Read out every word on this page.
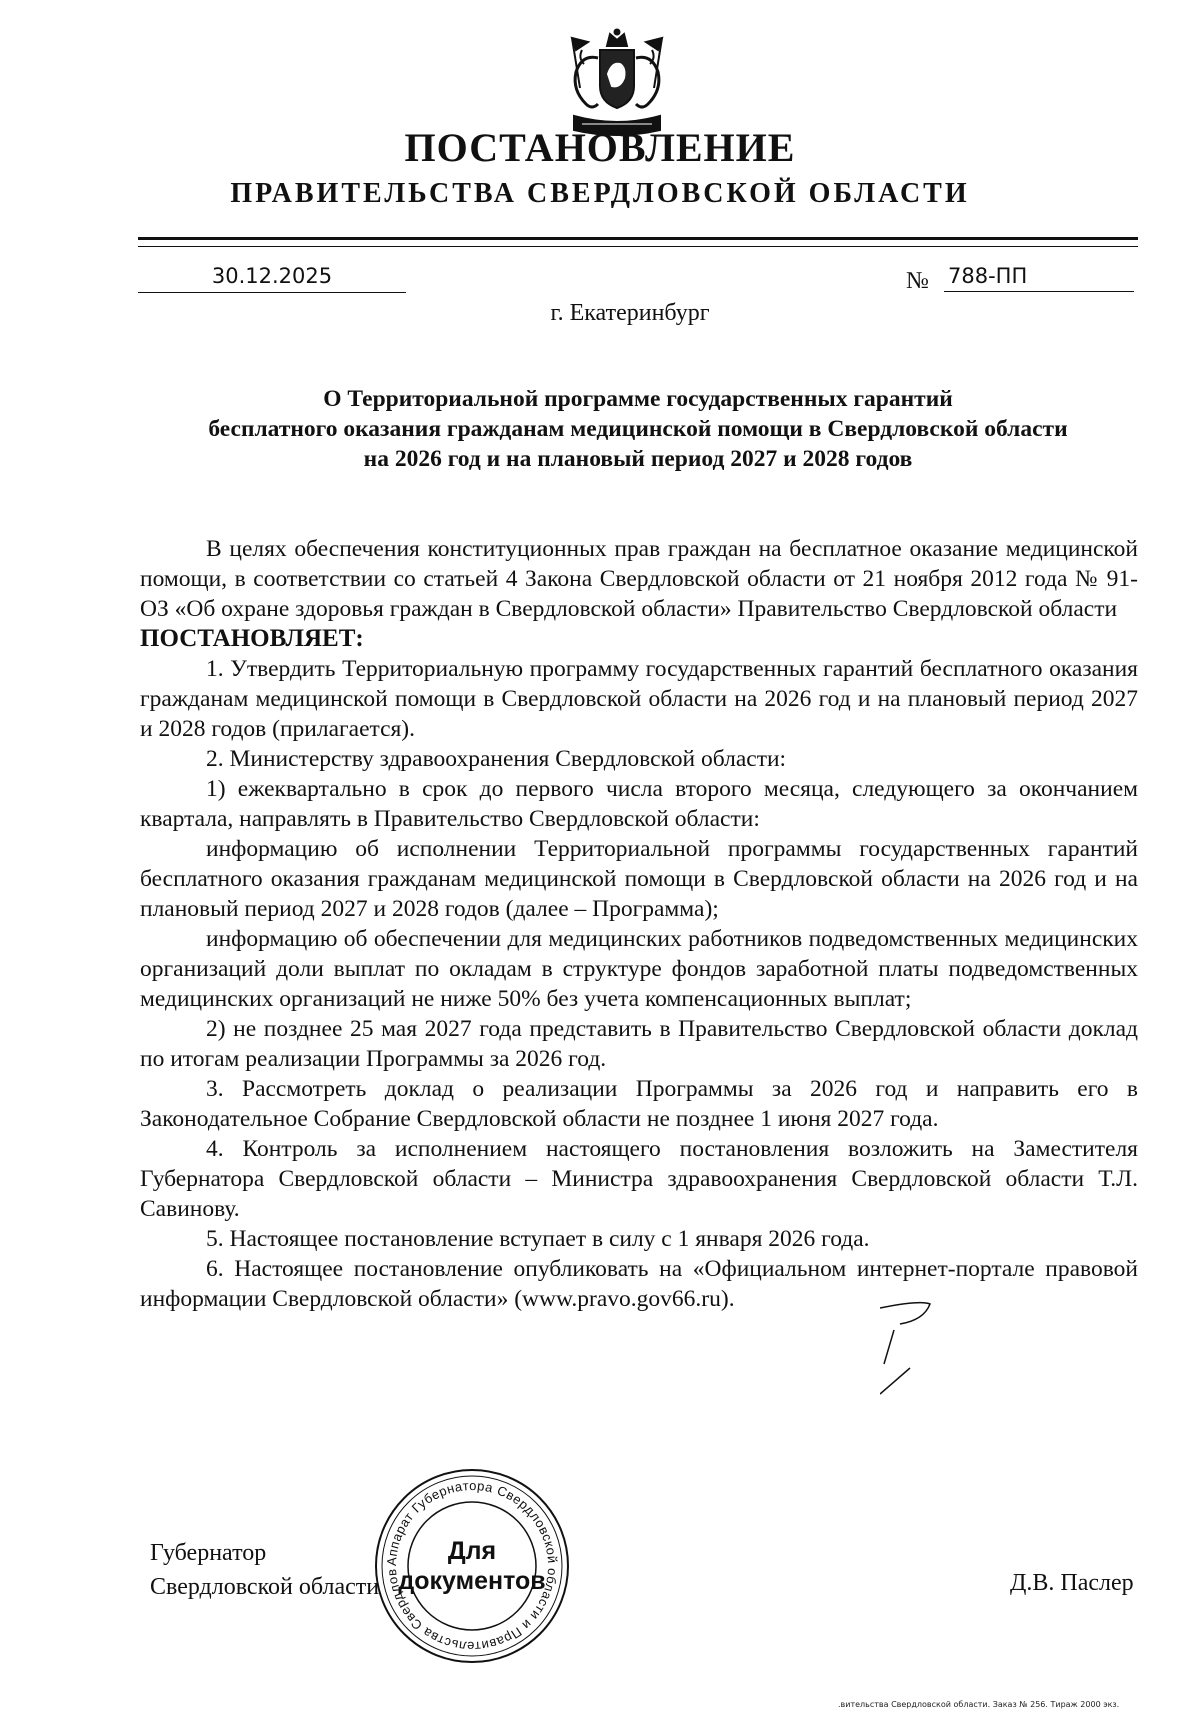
ПОСТАНОВЛЕНИЕ
ПРАВИТЕЛЬСТВА СВЕРДЛОВСКОЙ ОБЛАСТИ
30.12.2025	№ 788-ПП
г. Екатеринбург
О Территориальной программе государственных гарантий
бесплатного оказания гражданам медицинской помощи в Свердловской области
на 2026 год и на плановый период 2027 и 2028 годов

В целях обеспечения конституционных прав граждан на бесплатное оказание медицинской помощи, в соответствии со статьей 4 Закона Свердловской области от 21 ноября 2012 года № 91-ОЗ «Об охране здоровья граждан в Свердловской области» Правительство Свердловской области

ПОСТАНОВЛЯЕТ:

1. Утвердить Территориальную программу государственных гарантий бесплатного оказания гражданам медицинской помощи в Свердловской области на 2026 год и на плановый период 2027 и 2028 годов (прилагается).

2. Министерству здравоохранения Свердловской области:

1) ежеквартально в срок до первого числа второго месяца, следующего за окончанием квартала, направлять в Правительство Свердловской области:

информацию об исполнении Территориальной программы государственных гарантий бесплатного оказания гражданам медицинской помощи в Свердловской области на 2026 год и на плановый период 2027 и 2028 годов (далее – Программа);

информацию об обеспечении для медицинских работников подведомственных медицинских организаций доли выплат по окладам в структуре фондов заработной платы подведомственных медицинских организаций не ниже 50% без учета компенсационных выплат;

2) не позднее 25 мая 2027 года представить в Правительство Свердловской области доклад по итогам реализации Программы за 2026 год.

3. Рассмотреть доклад о реализации Программы за 2026 год и направить его в Законодательное Собрание Свердловской области не позднее 1 июня 2027 года.

4. Контроль за исполнением настоящего постановления возложить на Заместителя Губернатора Свердловской области – Министра здравоохранения Свердловской области Т.Л. Савинову.

5. Настоящее постановление вступает в силу с 1 января 2026 года.

6. Настоящее постановление опубликовать на «Официальном интернет-портале правовой информации Свердловской области» (www.pravo.gov66.ru).

Губернатор
Свердловской области	Д.В. Паслер
Аппарат Губернатора Свердловской области и Правительства Свердлов
Для
документов
.вительства Свердловской области. Заказ № 256. Тираж 2000 экз.
